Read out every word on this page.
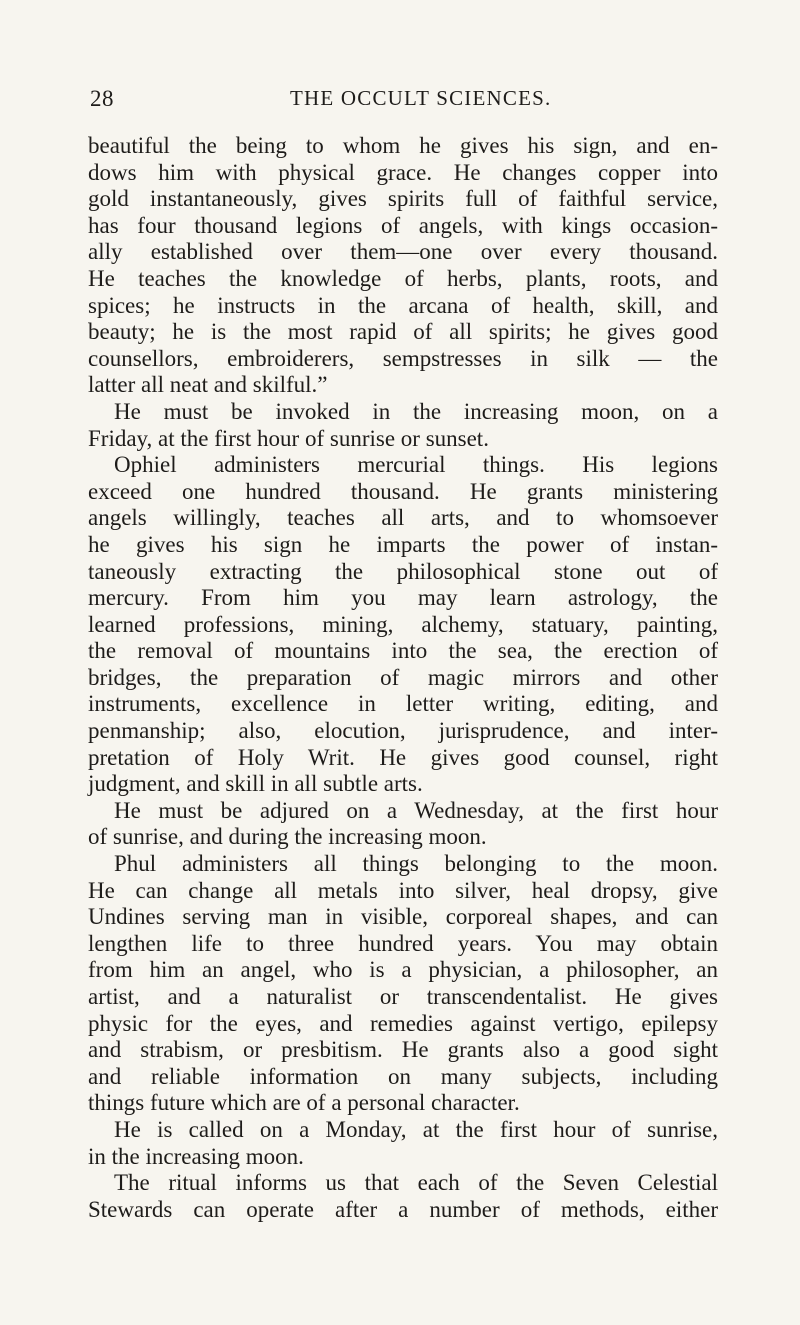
28	THE OCCULT SCIENCES.
beautiful the being to whom he gives his sign, and en-
dows him with physical grace. He changes copper into
gold instantaneously, gives spirits full of faithful service,
has four thousand legions of angels, with kings occasion-
ally established over them—one over every thousand.
He teaches the knowledge of herbs, plants, roots, and
spices; he instructs in the arcana of health, skill, and
beauty; he is the most rapid of all spirits; he gives good
counsellors, embroiderers, sempstresses in silk — the
latter all neat and skilful.”
He must be invoked in the increasing moon, on a
Friday, at the first hour of sunrise or sunset.
Ophiel administers mercurial things. His legions
exceed one hundred thousand. He grants ministering
angels willingly, teaches all arts, and to whomsoever
he gives his sign he imparts the power of instan-
taneously extracting the philosophical stone out of
mercury. From him you may learn astrology, the
learned professions, mining, alchemy, statuary, painting,
the removal of mountains into the sea, the erection of
bridges, the preparation of magic mirrors and other
instruments, excellence in letter writing, editing, and
penmanship; also, elocution, jurisprudence, and inter-
pretation of Holy Writ. He gives good counsel, right
judgment, and skill in all subtle arts.
He must be adjured on a Wednesday, at the first hour
of sunrise, and during the increasing moon.
Phul administers all things belonging to the moon.
He can change all metals into silver, heal dropsy, give
Undines serving man in visible, corporeal shapes, and can
lengthen life to three hundred years. You may obtain
from him an angel, who is a physician, a philosopher, an
artist, and a naturalist or transcendentalist. He gives
physic for the eyes, and remedies against vertigo, epilepsy
and strabism, or presbitism. He grants also a good sight
and reliable information on many subjects, including
things future which are of a personal character.
He is called on a Monday, at the first hour of sunrise,
in the increasing moon.
The ritual informs us that each of the Seven Celestial
Stewards can operate after a number of methods, either
